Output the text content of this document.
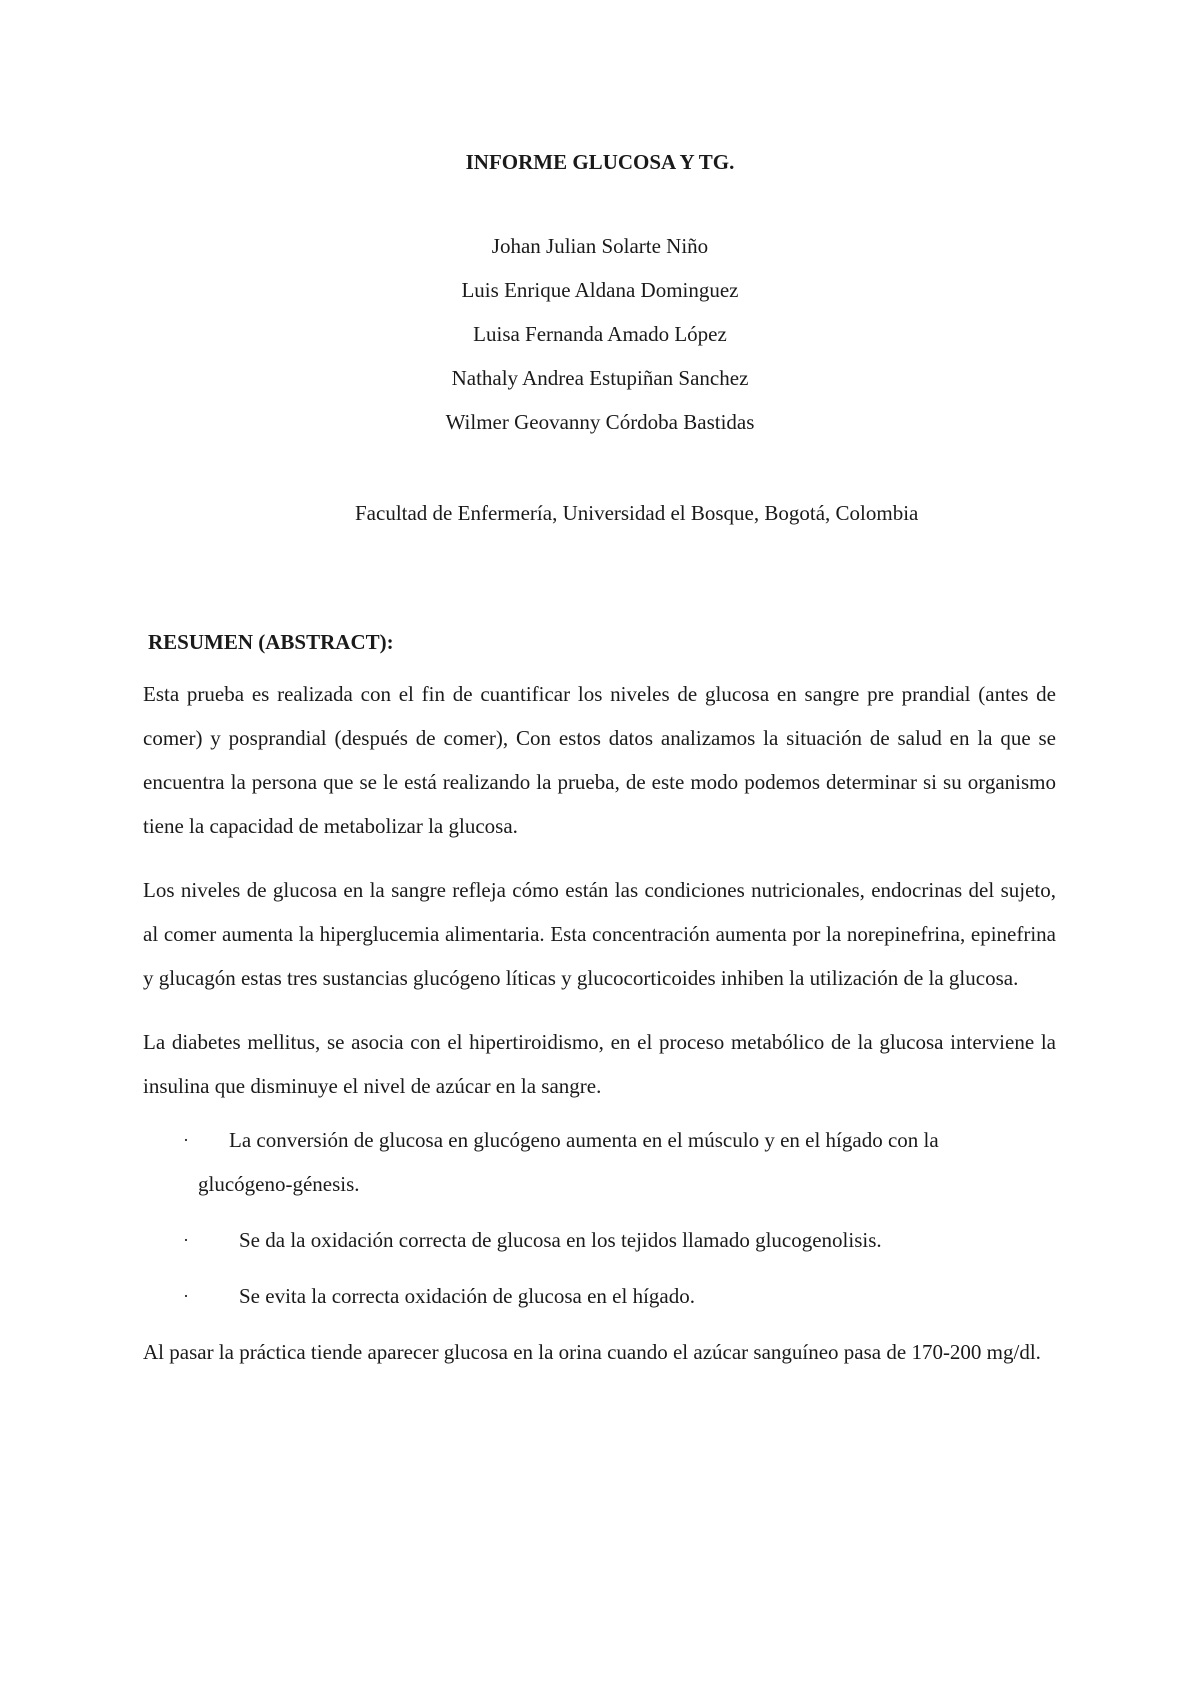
INFORME GLUCOSA Y TG.
Johan Julian Solarte Niño
Luis Enrique Aldana Dominguez
Luisa Fernanda Amado López
Nathaly Andrea Estupiñan Sanchez
Wilmer Geovanny Córdoba Bastidas
Facultad de Enfermería, Universidad el Bosque, Bogotá, Colombia
RESUMEN (ABSTRACT):

Esta prueba es realizada con el fin de cuantificar los niveles de glucosa en sangre pre prandial (antes de comer) y posprandial (después de comer), Con estos datos analizamos la situación de salud en la que se encuentra la persona que se le está realizando la prueba, de este modo podemos determinar si su organismo tiene la capacidad de metabolizar la glucosa.

Los niveles de glucosa en la sangre refleja cómo están las condiciones nutricionales, endocrinas del sujeto, al comer aumenta la hiperglucemia alimentaria. Esta concentración aumenta por la norepinefrina, epinefrina y glucagón estas tres sustancias glucógeno líticas y glucocorticoides inhiben la utilización de la glucosa.

La diabetes mellitus, se asocia con el hipertiroidismo, en el proceso metabólico de la glucosa interviene la insulina que disminuye el nivel de azúcar en la sangre.

· La conversión de glucosa en glucógeno aumenta en el músculo y en el hígado con la
glucógeno-génesis.
· Se da la oxidación correcta de glucosa en los tejidos llamado glucogenolisis.
· Se evita la correcta oxidación de glucosa en el hígado.

Al pasar la práctica tiende aparecer glucosa en la orina cuando el azúcar sanguíneo pasa de 170-200 mg/dl.
